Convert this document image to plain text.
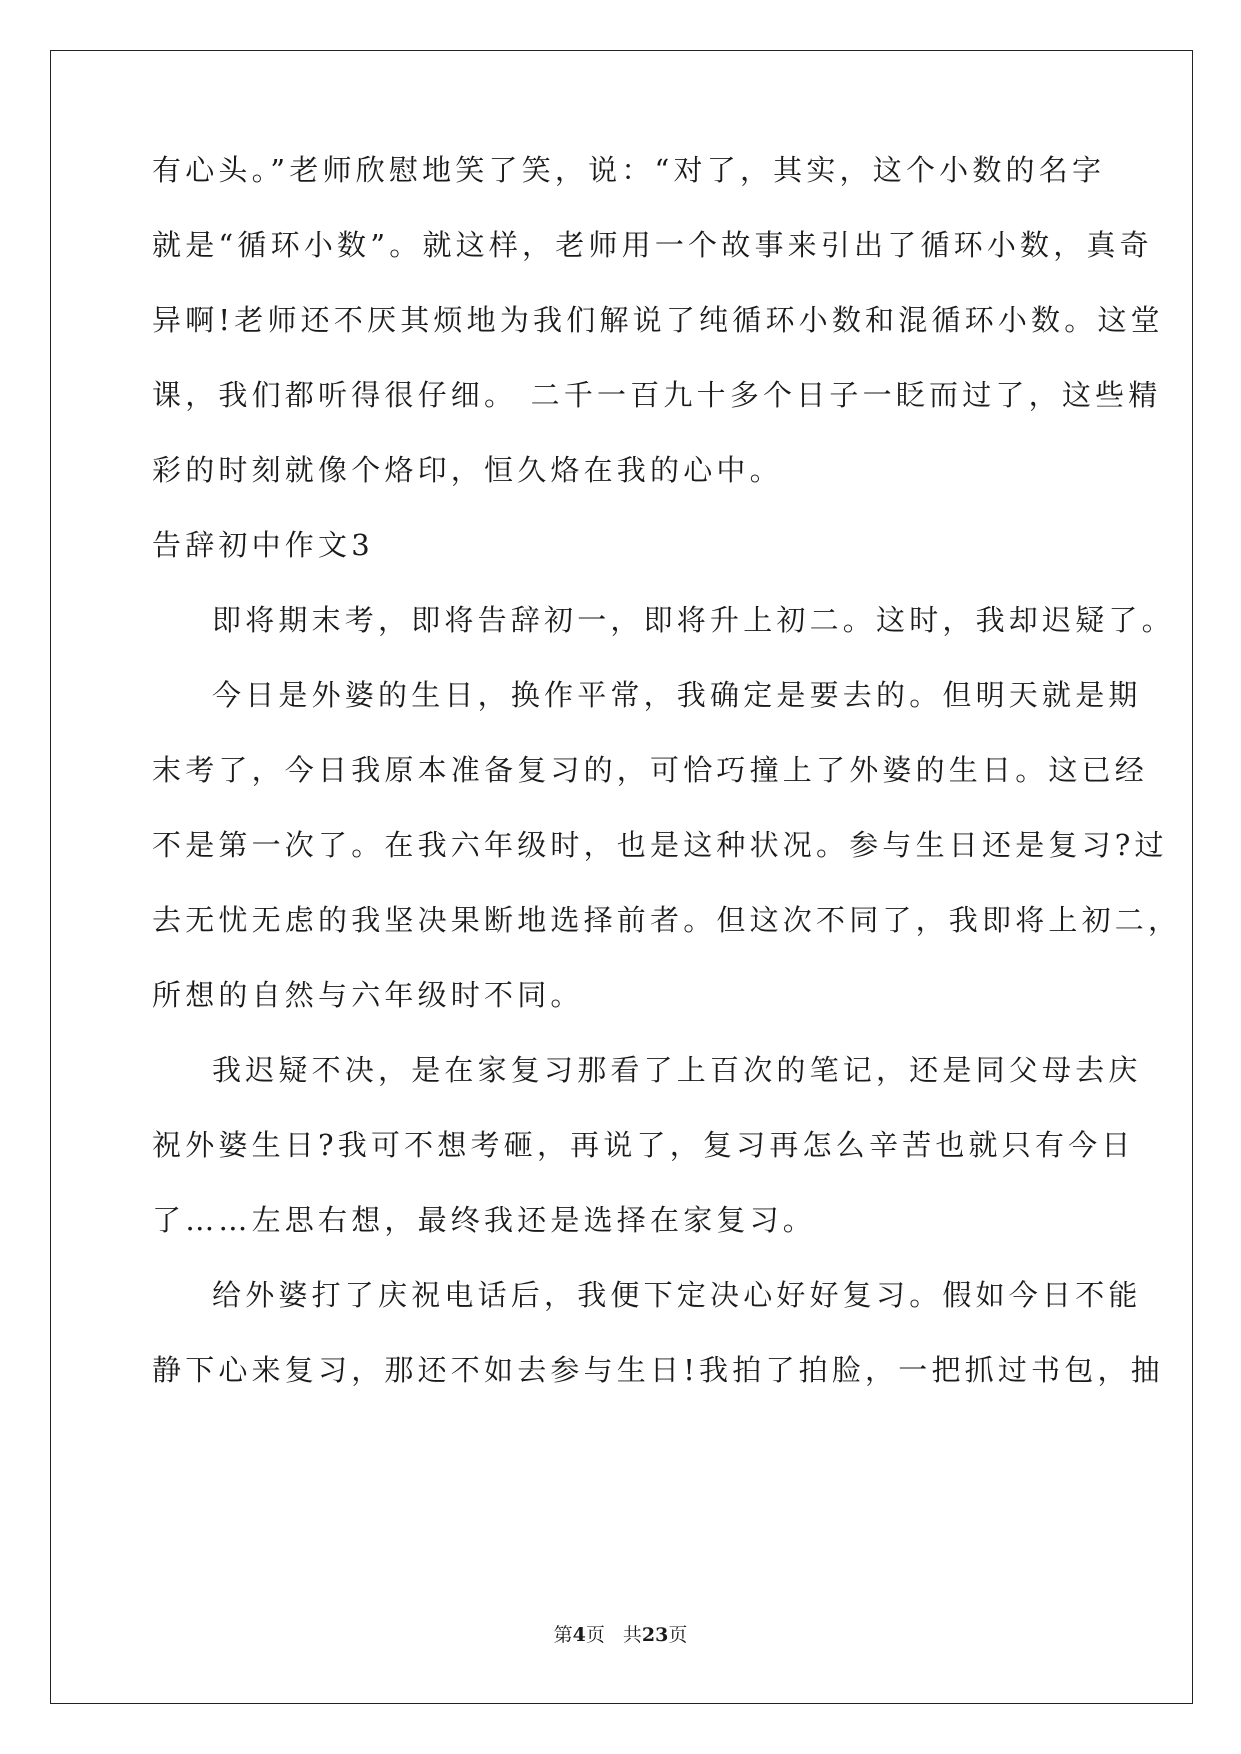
有心头。”老师欣慰地笑了笑，说：“对了，其实，这个小数的名字
就是“循环小数”。就这样，老师用一个故事来引出了循环小数，真奇
异啊!老师还不厌其烦地为我们解说了纯循环小数和混循环小数。这堂
课，我们都听得很仔细。 二千一百九十多个日子一眨而过了，这些精
彩的时刻就像个烙印，恒久烙在我的心中。
告辞初中作文3
即将期末考，即将告辞初一，即将升上初二。这时，我却迟疑了。
今日是外婆的生日，换作平常，我确定是要去的。但明天就是期
末考了，今日我原本准备复习的，可恰巧撞上了外婆的生日。这已经
不是第一次了。在我六年级时，也是这种状况。参与生日还是复习?过
去无忧无虑的我坚决果断地选择前者。但这次不同了，我即将上初二，
所想的自然与六年级时不同。
我迟疑不决，是在家复习那看了上百次的笔记，还是同父母去庆
祝外婆生日?我可不想考砸，再说了，复习再怎么辛苦也就只有今日
了……左思右想，最终我还是选择在家复习。
给外婆打了庆祝电话后，我便下定决心好好复习。假如今日不能
静下心来复习，那还不如去参与生日!我拍了拍脸，一把抓过书包，抽
第4页 共23页
